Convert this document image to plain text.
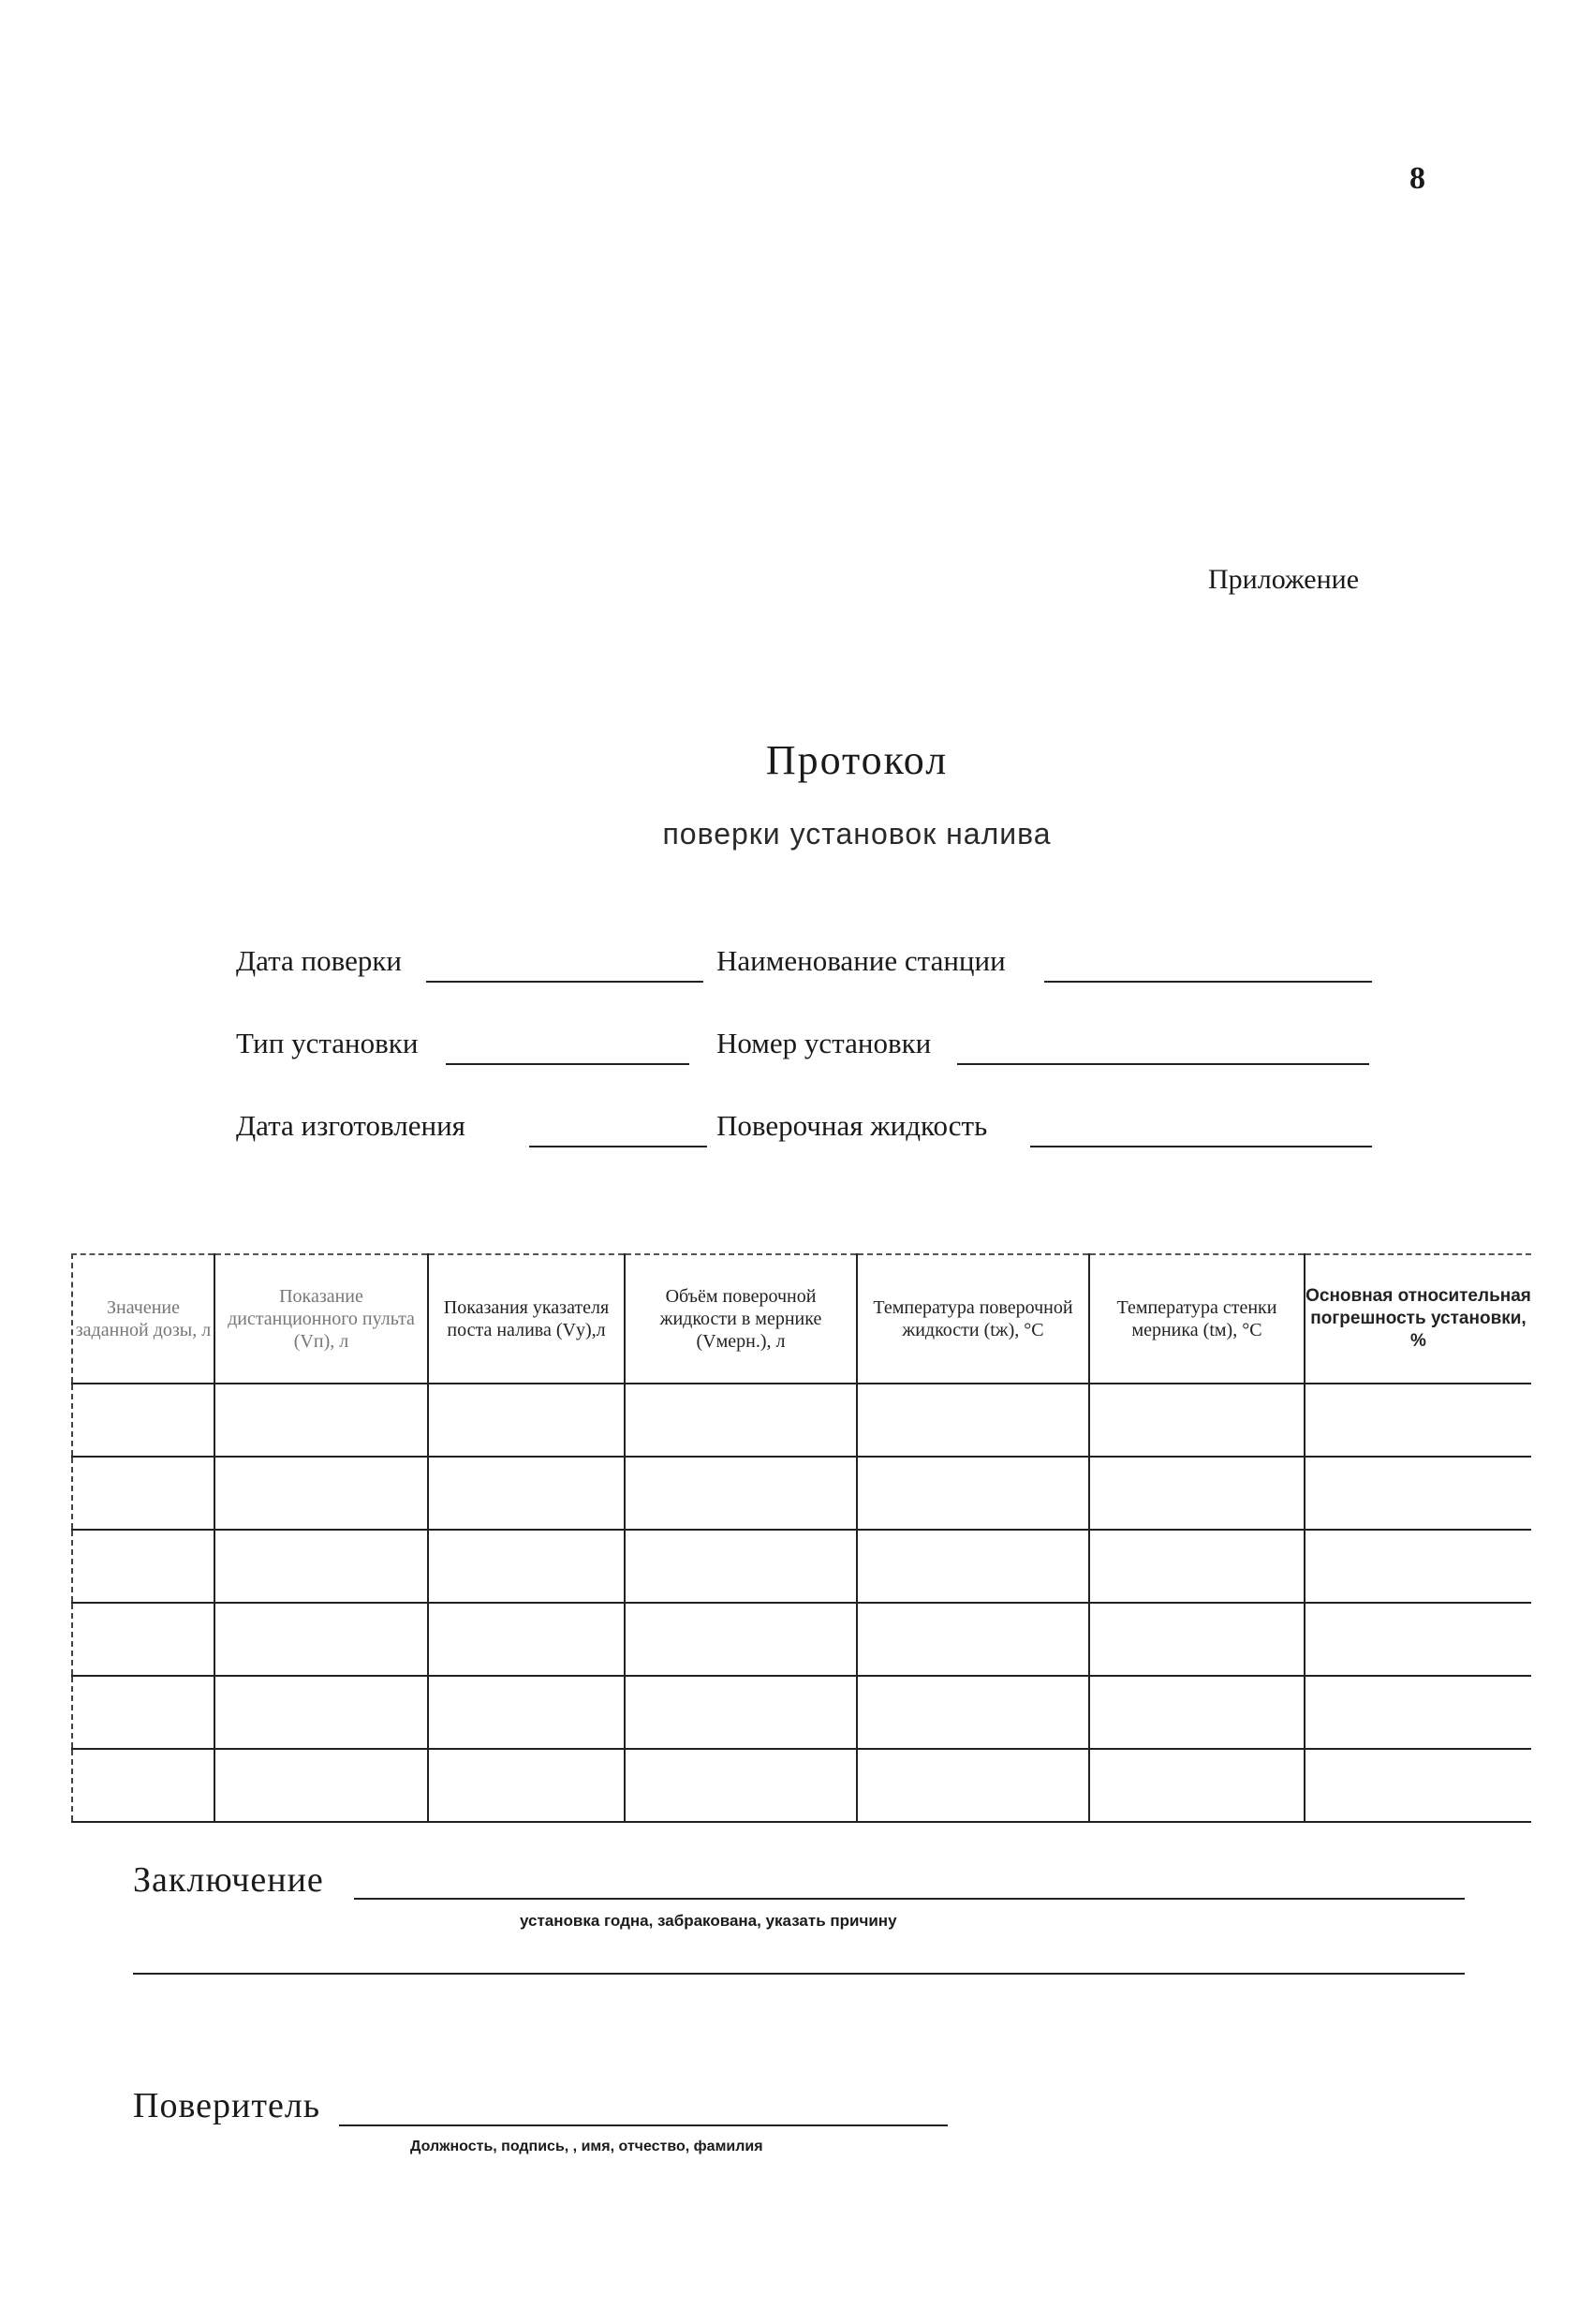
8
Приложение
Протокол
поверки установок налива
Дата поверки	Наименование станции
Тип установки	Номер установки
Дата изготовления	Поверочная жидкость
Значение заданной дозы, л	Показание дистанционного пульта (Vп), л	Показания указателя поста налива (Vу),л	Объём поверочной жидкости в мернике (Vмерн.), л	Температура поверочной жидкости (tж), °С	Температура стенки мерника (tм), °С	Основная относительная погрешность установки, %

Заключение
установка годна, забракована, указать причину
Поверитель
Должность, подпись, , имя, отчество, фамилия
